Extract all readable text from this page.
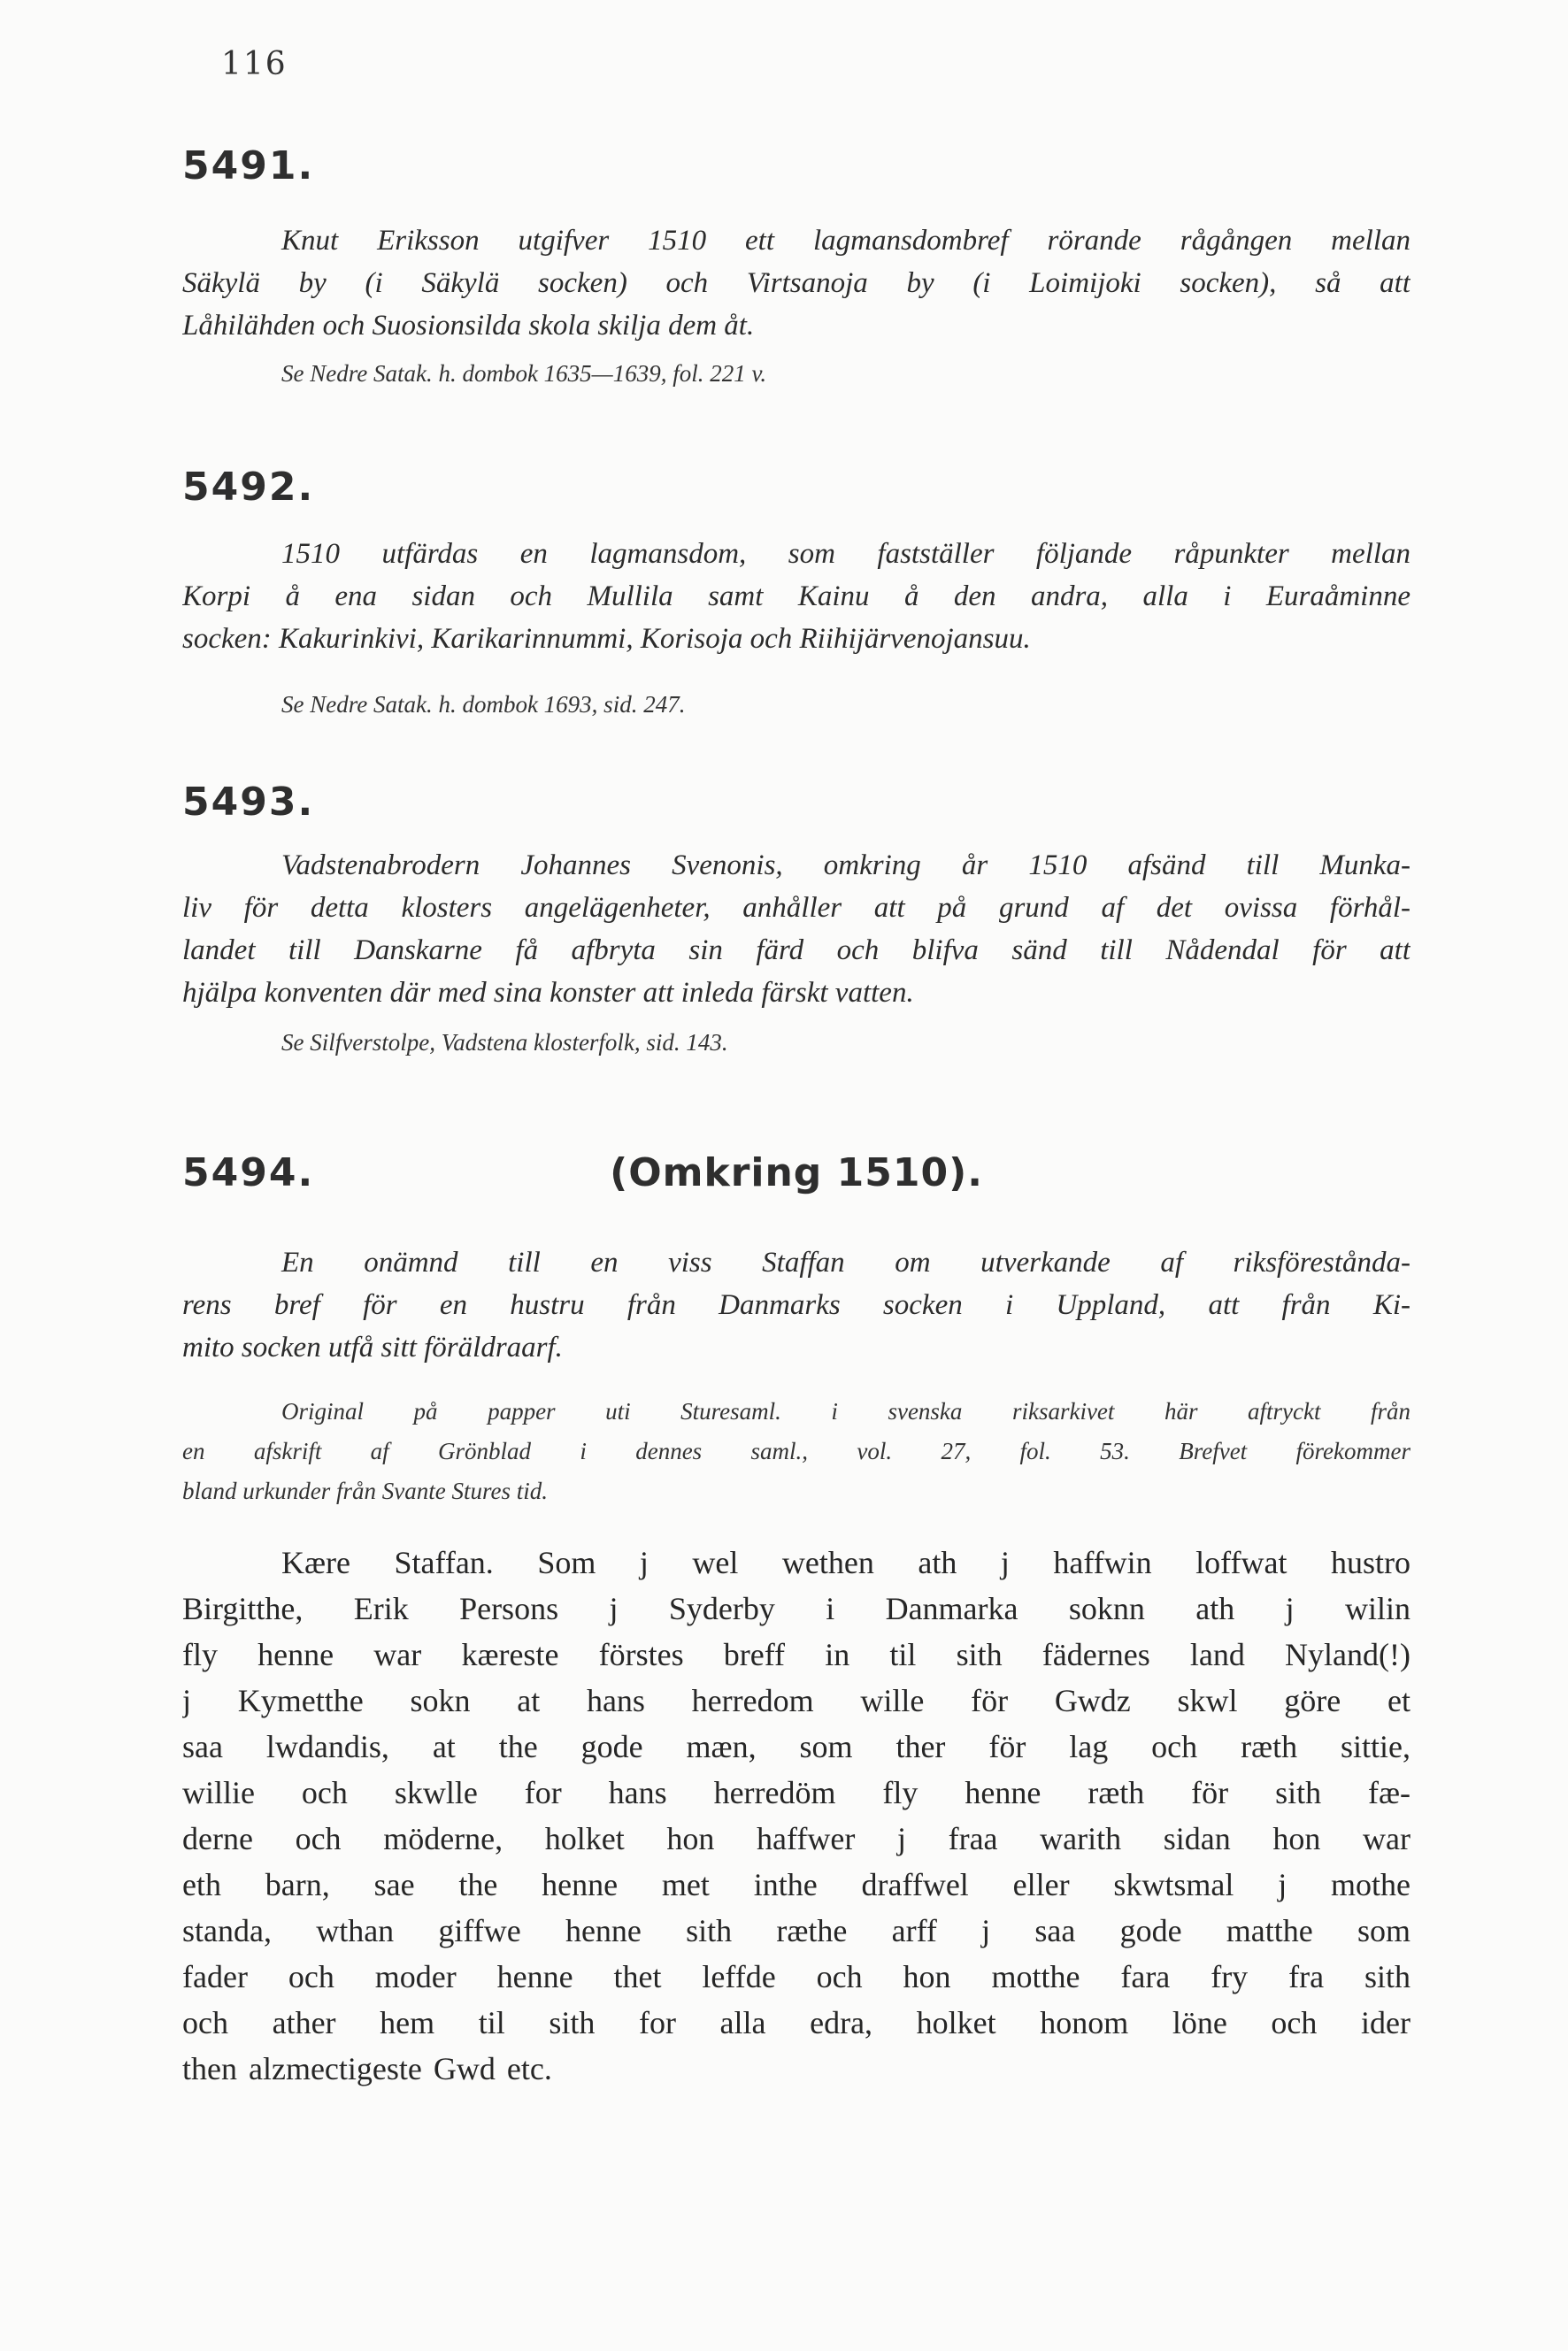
116
5491.
Knut Eriksson utgifver 1510 ett lagmansdombref rörande rågången mellan
Säkylä by (i Säkylä socken) och Virtsanoja by (i Loimijoki socken), så att
Låhilähden och Suosionsilda skola skilja dem åt.
Se Nedre Satak. h. dombok 1635—1639, fol. 221 v.
5492.
1510 utfärdas en lagmansdom, som fastställer följande råpunkter mellan
Korpi å ena sidan och Mullila samt Kainu å den andra, alla i Euraåminne
socken: Kakurinkivi, Karikarinnummi, Korisoja och Riihijärvenojansuu.
Se Nedre Satak. h. dombok 1693, sid. 247.
5493.
Vadstenabrodern Johannes Svenonis, omkring år 1510 afsänd till Munka-
liv för detta klosters angelägenheter, anhåller att på grund af det ovissa förhål-
landet till Danskarne få afbryta sin färd och blifva sänd till Nådendal för att
hjälpa konventen där med sina konster att inleda färskt vatten.
Se Silfverstolpe, Vadstena klosterfolk, sid. 143.
5494.	(Omkring 1510).
En onämnd till en viss Staffan om utverkande af riksförestånda-
rens bref för en hustru från Danmarks socken i Uppland, att från Ki-
mito socken utfå sitt föräldraarf.
Original på papper uti Sturesaml. i svenska riksarkivet här aftryckt från
en afskrift af Grönblad i dennes saml., vol. 27, fol. 53. Brefvet förekommer
bland urkunder från Svante Stures tid.
Kære Staffan. Som j wel wethen ath j haffwin loffwat hustro
Birgitthe, Erik Persons j Syderby i Danmarka soknn ath j wilin
fly henne war kæreste förstes breff in til sith fädernes land Nyland(!)
j Kymetthe sokn at hans herredom wille för Gwdz skwl göre et
saa lwdandis, at the gode mæn, som ther för lag och ræth sittie,
willie och skwlle for hans herredöm fly henne ræth för sith fæ-
derne och möderne, holket hon haffwer j fraa warith sidan hon war
eth barn, sae the henne met inthe draffwel eller skwtsmal j mothe
standa, wthan giffwe henne sith ræthe arff j saa gode matthe som
fader och moder henne thet leffde och hon motthe fara fry fra sith
och ather hem til sith for alla edra, holket honom löne och ider
then alzmectigeste Gwd etc.
